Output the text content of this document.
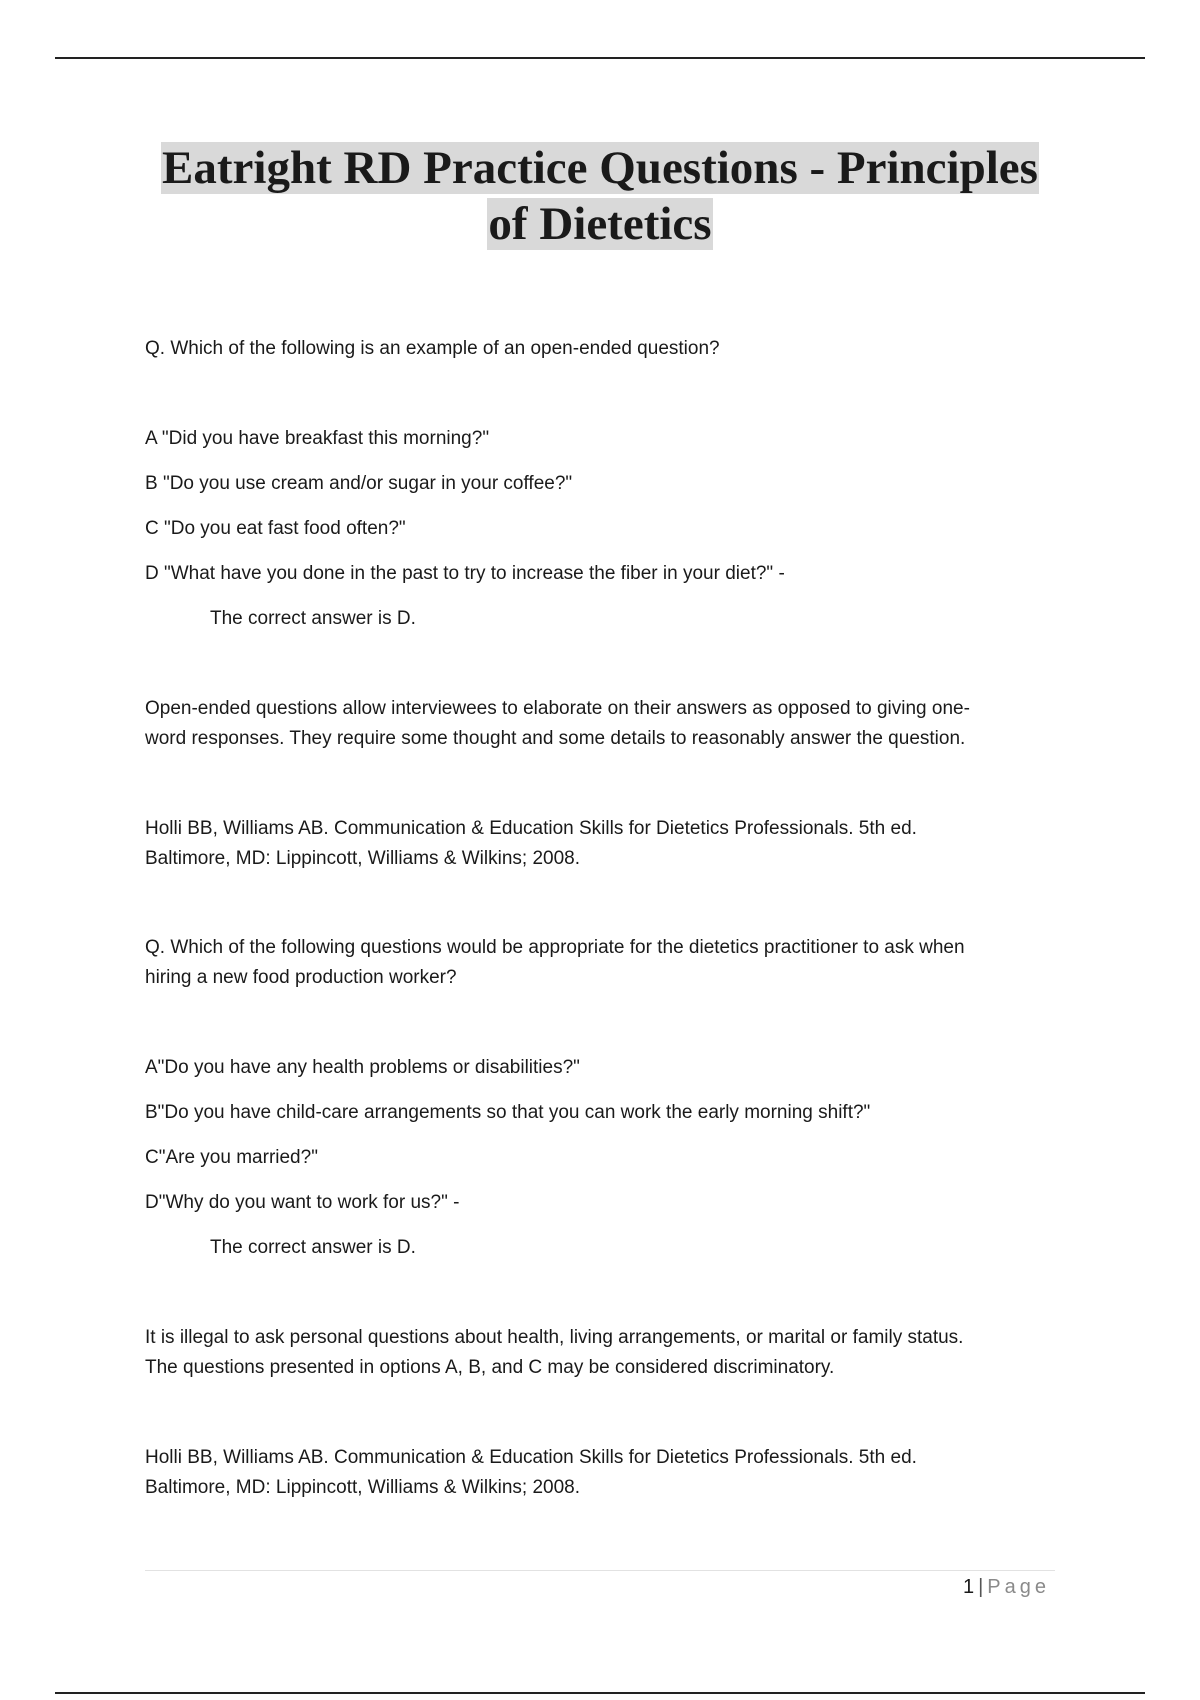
Eatright RD Practice Questions - Principles
of Dietetics
Q. Which of the following is an example of an open-ended question?
A "Did you have breakfast this morning?"
B "Do you use cream and/or sugar in your coffee?"
C "Do you eat fast food often?"
D "What have you done in the past to try to increase the fiber in your diet?" -
The correct answer is D.
Open-ended questions allow interviewees to elaborate on their answers as opposed to giving one-
word responses. They require some thought and some details to reasonably answer the question.
Holli BB, Williams AB. Communication & Education Skills for Dietetics Professionals. 5th ed.
Baltimore, MD: Lippincott, Williams & Wilkins; 2008.
Q. Which of the following questions would be appropriate for the dietetics practitioner to ask when
hiring a new food production worker?
A"Do you have any health problems or disabilities?"
B"Do you have child-care arrangements so that you can work the early morning shift?"
C"Are you married?"
D"Why do you want to work for us?" -
The correct answer is D.
It is illegal to ask personal questions about health, living arrangements, or marital or family status.
The questions presented in options A, B, and C may be considered discriminatory.
Holli BB, Williams AB. Communication & Education Skills for Dietetics Professionals. 5th ed.
Baltimore, MD: Lippincott, Williams & Wilkins; 2008.
1 | Page
